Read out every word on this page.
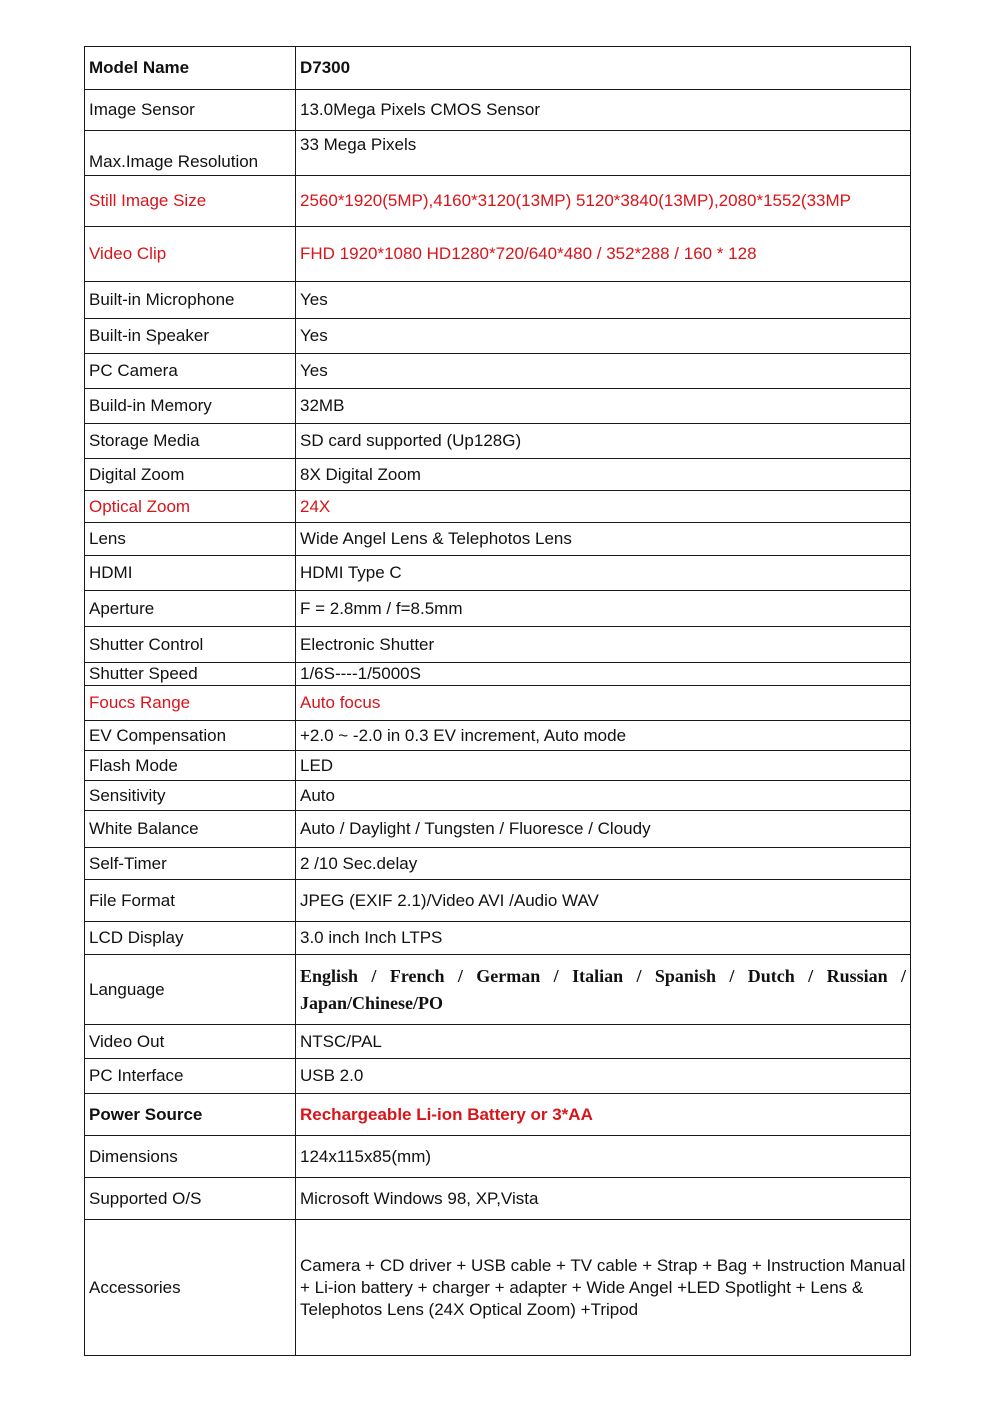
Model Name	D7300
Image Sensor	13.0Mega Pixels CMOS Sensor
Max.Image Resolution	33 Mega Pixels
Still Image Size	2560*1920(5MP),4160*3120(13MP) 5120*3840(13MP),2080*1552(33MP
Video Clip	FHD 1920*1080 HD1280*720/640*480 / 352*288 / 160 * 128
Built-in Microphone	Yes
Built-in Speaker	Yes
PC Camera	Yes
Build-in Memory	32MB
Storage Media	SD card supported (Up128G)
Digital Zoom	8X Digital Zoom
Optical Zoom	24X
Lens	Wide Angel Lens & Telephotos Lens
HDMI	HDMI Type C
Aperture	F = 2.8mm / f=8.5mm
Shutter Control	Electronic Shutter
Shutter Speed	1/6S----1/5000S
Foucs Range	Auto focus
EV Compensation	+2.0 ~ -2.0 in 0.3 EV increment, Auto mode
Flash Mode	LED
Sensitivity	Auto
White Balance	Auto / Daylight / Tungsten / Fluoresce / Cloudy
Self-Timer	2 /10 Sec.delay
File Format	JPEG (EXIF 2.1)/Video AVI /Audio WAV
LCD Display	3.0 inch Inch LTPS
Language	English / French / German / Italian / Spanish / Dutch / Russian / Japan/Chinese/PO
Video Out	NTSC/PAL
PC Interface	USB 2.0
Power Source	Rechargeable Li-ion Battery or 3*AA
Dimensions	124x115x85(mm)
Supported O/S	Microsoft Windows 98, XP,Vista
Accessories	Camera + CD driver + USB cable + TV cable + Strap + Bag + Instruction Manual + Li-ion battery + charger + adapter + Wide Angel +LED Spotlight + Lens & Telephotos Lens (24X Optical Zoom) +Tripod
